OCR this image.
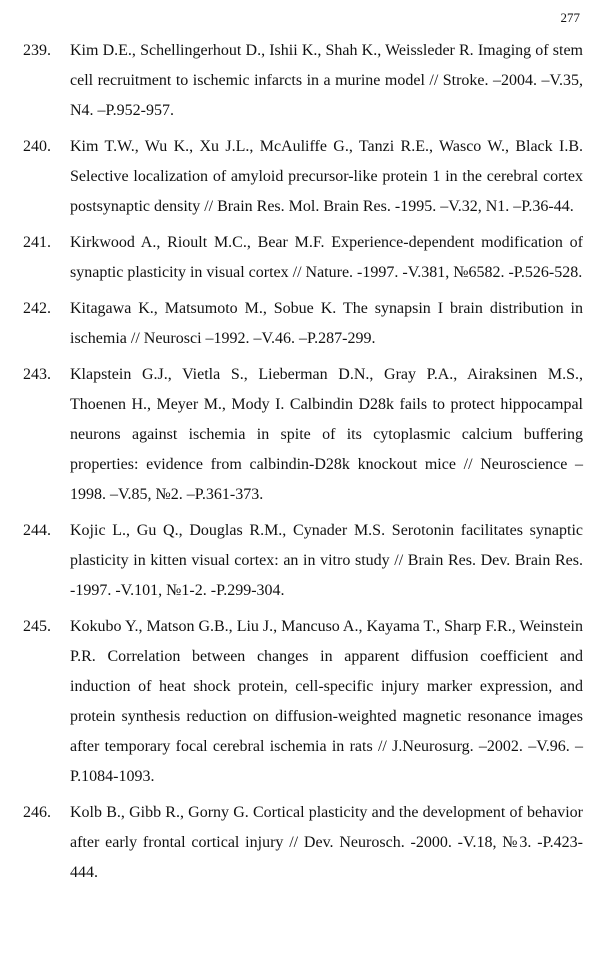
277
239.	Kim D.E., Schellingerhout D., Ishii K., Shah K., Weissleder R. Imaging of stem cell recruitment to ischemic infarcts in a murine model // Stroke. –2004. –V.35, N4. –P.952-957.
240.	Kim T.W., Wu K., Xu J.L., McAuliffe G., Tanzi R.E., Wasco W., Black I.B. Selective localization of amyloid precursor-like protein 1 in the cerebral cortex postsynaptic density // Brain Res. Mol. Brain Res. -1995. –V.32, N1. –P.36-44.
241.	Kirkwood A., Rioult M.C., Bear M.F. Experience-dependent modification of synaptic plasticity in visual cortex // Nature. -1997. -V.381, №6582. -P.526-528.
242.	Kitagawa K., Matsumoto M., Sobue K. The synapsin I brain distribution in ischemia // Neurosci –1992. –V.46. –P.287-299.
243.	Klapstein G.J., Vietla S., Lieberman D.N., Gray P.A., Airaksinen M.S., Thoenen H., Meyer M., Mody I. Calbindin D28k fails to protect hippocampal neurons against ischemia in spite of its cytoplasmic calcium buffering properties: evidence from calbindin-D28k knockout mice // Neuroscience –1998. –V.85, №2. –P.361-373.
244.	Kojic L., Gu Q., Douglas R.M., Cynader M.S. Serotonin facilitates synaptic plasticity in kitten visual cortex: an in vitro study // Brain Res. Dev. Brain Res. -1997. -V.101, №1-2. -P.299-304.
245.	Kokubo Y., Matson G.B., Liu J., Mancuso A., Kayama T., Sharp F.R., Weinstein P.R. Correlation between changes in apparent diffusion coefficient and induction of heat shock protein, cell-specific injury marker expression, and protein synthesis reduction on diffusion-weighted magnetic resonance images after temporary focal cerebral ischemia in rats // J.Neurosurg. –2002. –V.96. –P.1084-1093.
246.	Kolb B., Gibb R., Gorny G. Cortical plasticity and the development of behavior after early frontal cortical injury // Dev. Neurosch. -2000. -V.18, №3. -P.423-444.
